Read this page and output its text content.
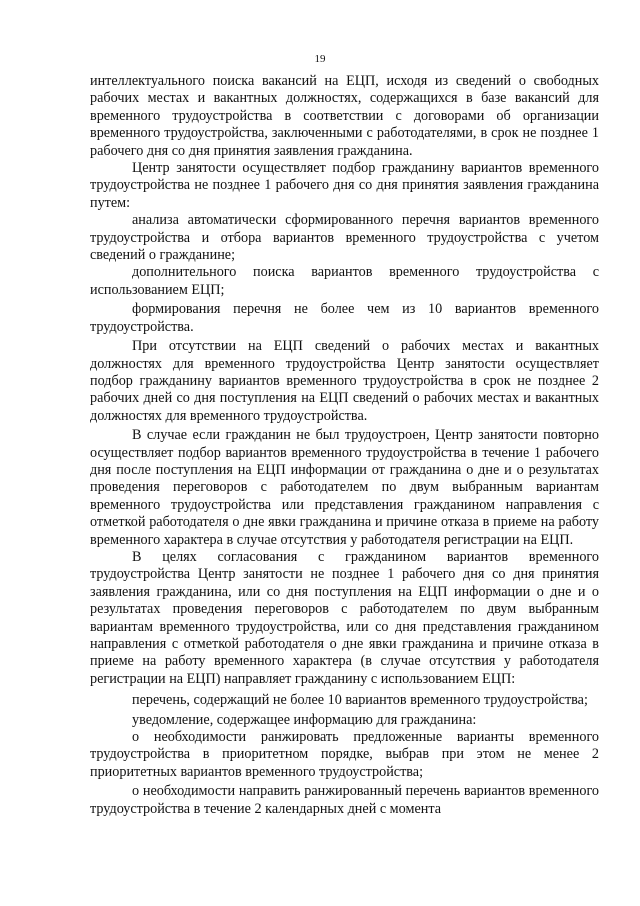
19

интеллектуального поиска вакансий на ЕЦП, исходя из сведений о свободных рабочих местах и вакантных должностях, содержащихся в базе вакансий для временного трудоустройства в соответствии с договорами об организации временного трудоустройства, заключенными с работодателями, в срок не позднее 1 рабочего дня со дня принятия заявления гражданина.

Центр занятости осуществляет подбор гражданину вариантов временного трудоустройства не позднее 1 рабочего дня со дня принятия заявления гражданина путем:

анализа автоматически сформированного перечня вариантов временного трудоустройства и отбора вариантов временного трудоустройства с учетом сведений о гражданине;

дополнительного поиска вариантов временного трудоустройства с использованием ЕЦП;

формирования перечня не более чем из 10 вариантов временного трудоустройства.

При отсутствии на ЕЦП сведений о рабочих местах и вакантных должностях для временного трудоустройства Центр занятости осуществляет подбор гражданину вариантов временного трудоустройства в срок не позднее 2 рабочих дней со дня поступления на ЕЦП сведений о рабочих местах и вакантных должностях для временного трудоустройства.

В случае если гражданин не был трудоустроен, Центр занятости повторно осуществляет подбор вариантов временного трудоустройства в течение 1 рабочего дня после поступления на ЕЦП информации от гражданина о дне и о результатах проведения переговоров с работодателем по двум выбранным вариантам временного трудоустройства или представления гражданином направления с отметкой работодателя о дне явки гражданина и причине отказа в приеме на работу временного характера в случае отсутствия у работодателя регистрации на ЕЦП.

В целях согласования с гражданином вариантов временного трудоустройства Центр занятости не позднее 1 рабочего дня со дня принятия заявления гражданина, или со дня поступления на ЕЦП информации о дне и о результатах проведения переговоров с работодателем по двум выбранным вариантам временного трудоустройства, или со дня представления гражданином направления с отметкой работодателя о дне явки гражданина и причине отказа в приеме на работу временного характера (в случае отсутствия у работодателя регистрации на ЕЦП) направляет гражданину с использованием ЕЦП:

перечень, содержащий не более 10 вариантов временного трудоустройства;

уведомление, содержащее информацию для гражданина:

о необходимости ранжировать предложенные варианты временного трудоустройства в приоритетном порядке, выбрав при этом не менее 2 приоритетных вариантов временного трудоустройства;

о необходимости направить ранжированный перечень вариантов временного трудоустройства в течение 2 календарных дней с момента
